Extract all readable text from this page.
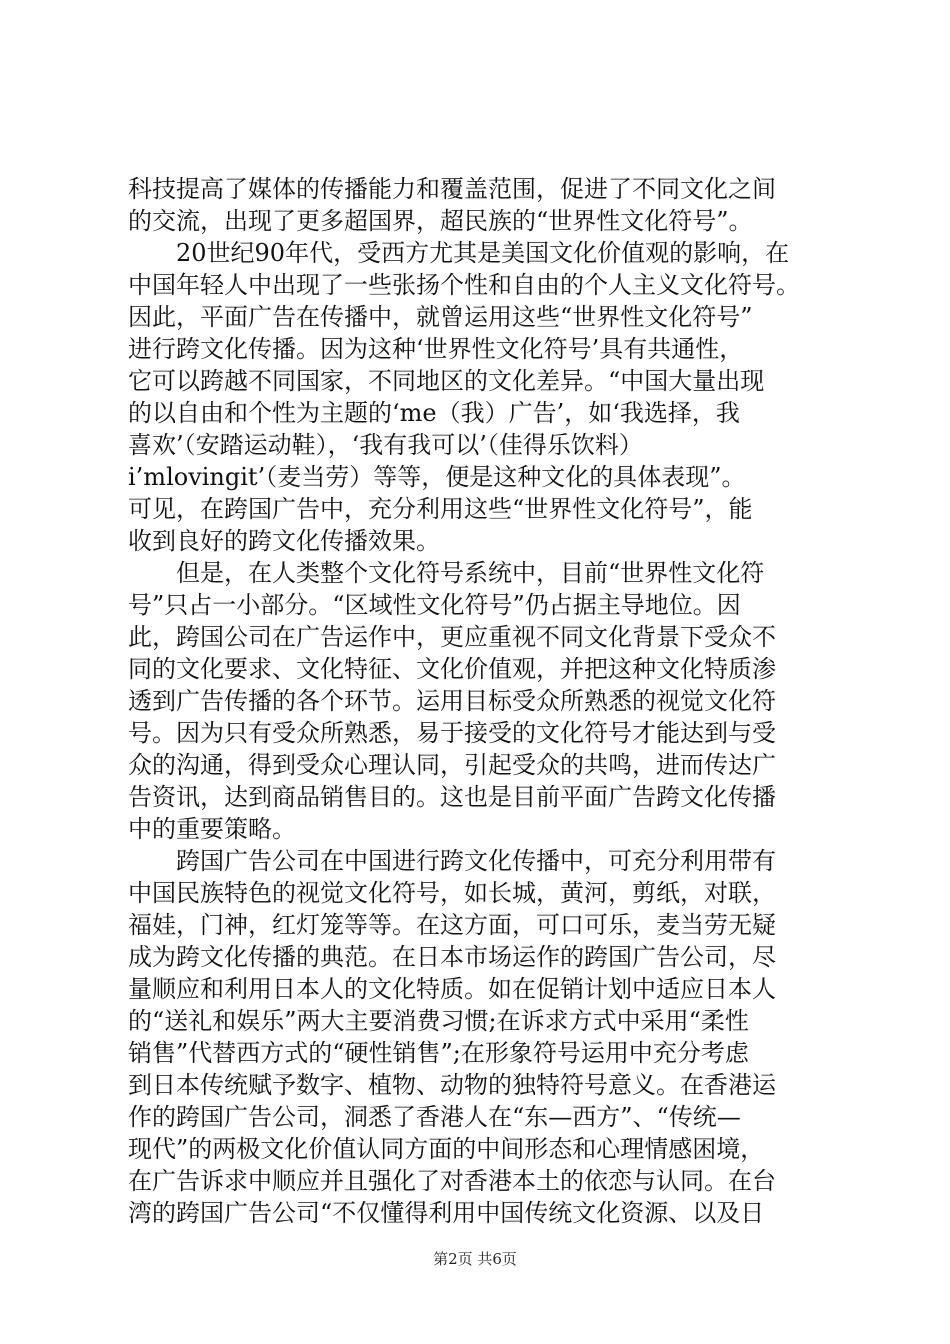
科技提高了媒体的传播能力和覆盖范围，促进了不同文化之间
的交流，出现了更多超国界，超民族的“世界性文化符号”。
　　20世纪90年代，受西方尤其是美国文化价值观的影响，在
中国年轻人中出现了一些张扬个性和自由的个人主义文化符号。
因此，平面广告在传播中，就曾运用这些“世界性文化符号”
进行跨文化传播。因为这种‘世界性文化符号’具有共通性，
它可以跨越不同国家，不同地区的文化差异。“中国大量出现
的以自由和个性为主题的‘me（我）广告’，如‘我选择，我
喜欢’（安踏运动鞋），‘我有我可以’（佳得乐饮料）
i’mlovingit’（麦当劳）等等，便是这种文化的具体表现”。
可见，在跨国广告中，充分利用这些“世界性文化符号”，能
收到良好的跨文化传播效果。
　　但是，在人类整个文化符号系统中，目前“世界性文化符
号”只占一小部分。“区域性文化符号”仍占据主导地位。因
此，跨国公司在广告运作中，更应重视不同文化背景下受众不
同的文化要求、文化特征、文化价值观，并把这种文化特质渗
透到广告传播的各个环节。运用目标受众所熟悉的视觉文化符
号。因为只有受众所熟悉，易于接受的文化符号才能达到与受
众的沟通，得到受众心理认同，引起受众的共鸣，进而传达广
告资讯，达到商品销售目的。这也是目前平面广告跨文化传播
中的重要策略。
　　跨国广告公司在中国进行跨文化传播中，可充分利用带有
中国民族特色的视觉文化符号，如长城，黄河，剪纸，对联，
福娃，门神，红灯笼等等。在这方面，可口可乐，麦当劳无疑
成为跨文化传播的典范。在日本市场运作的跨国广告公司，尽
量顺应和利用日本人的文化特质。如在促销计划中适应日本人
的“送礼和娱乐”两大主要消费习惯;在诉求方式中采用“柔性
销售”代替西方式的“硬性销售”;在形象符号运用中充分考虑
到日本传统赋予数字、植物、动物的独特符号意义。在香港运
作的跨国广告公司，洞悉了香港人在“东—西方”、“传统—
现代”的两极文化价值认同方面的中间形态和心理情感困境，
在广告诉求中顺应并且强化了对香港本土的依恋与认同。在台
湾的跨国广告公司“不仅懂得利用中国传统文化资源、以及日
第2页 共6页
